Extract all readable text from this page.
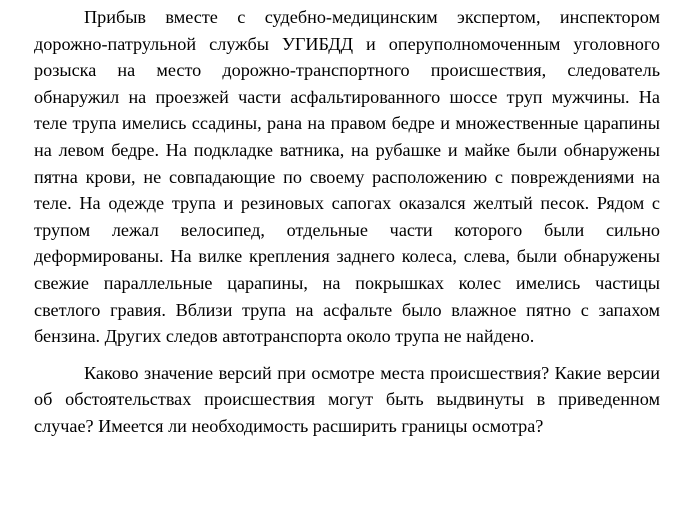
Прибыв вместе с судебно-медицинским экспертом, инспектором
дорожно-патрульной службы УГИБДД и оперуполномоченным уголовного
розыска на место дорожно-транспортного происшествия, следователь
обнаружил на проезжей части асфальтированного шоссе труп мужчины. На
теле трупа имелись ссадины, рана на правом бедре и множественные царапины
на левом бедре. На подкладке ватника, на рубашке и майке были обнаружены
пятна крови, не совпадающие по своему расположению с повреждениями на
теле. На одежде трупа и резиновых сапогах оказался желтый песок. Рядом с
трупом лежал велосипед, отдельные части которого были сильно
деформированы. На вилке крепления заднего колеса, слева, были обнаружены
свежие параллельные царапины, на покрышках колес имелись частицы
светлого гравия. Вблизи трупа на асфальте было влажное пятно с запахом
бензина. Других следов автотранспорта около трупа не найдено.
Каково значение версий при осмотре места происшествия? Какие версии
об обстоятельствах происшествия могут быть выдвинуты в приведенном
случае? Имеется ли необходимость расширить границы осмотра?
